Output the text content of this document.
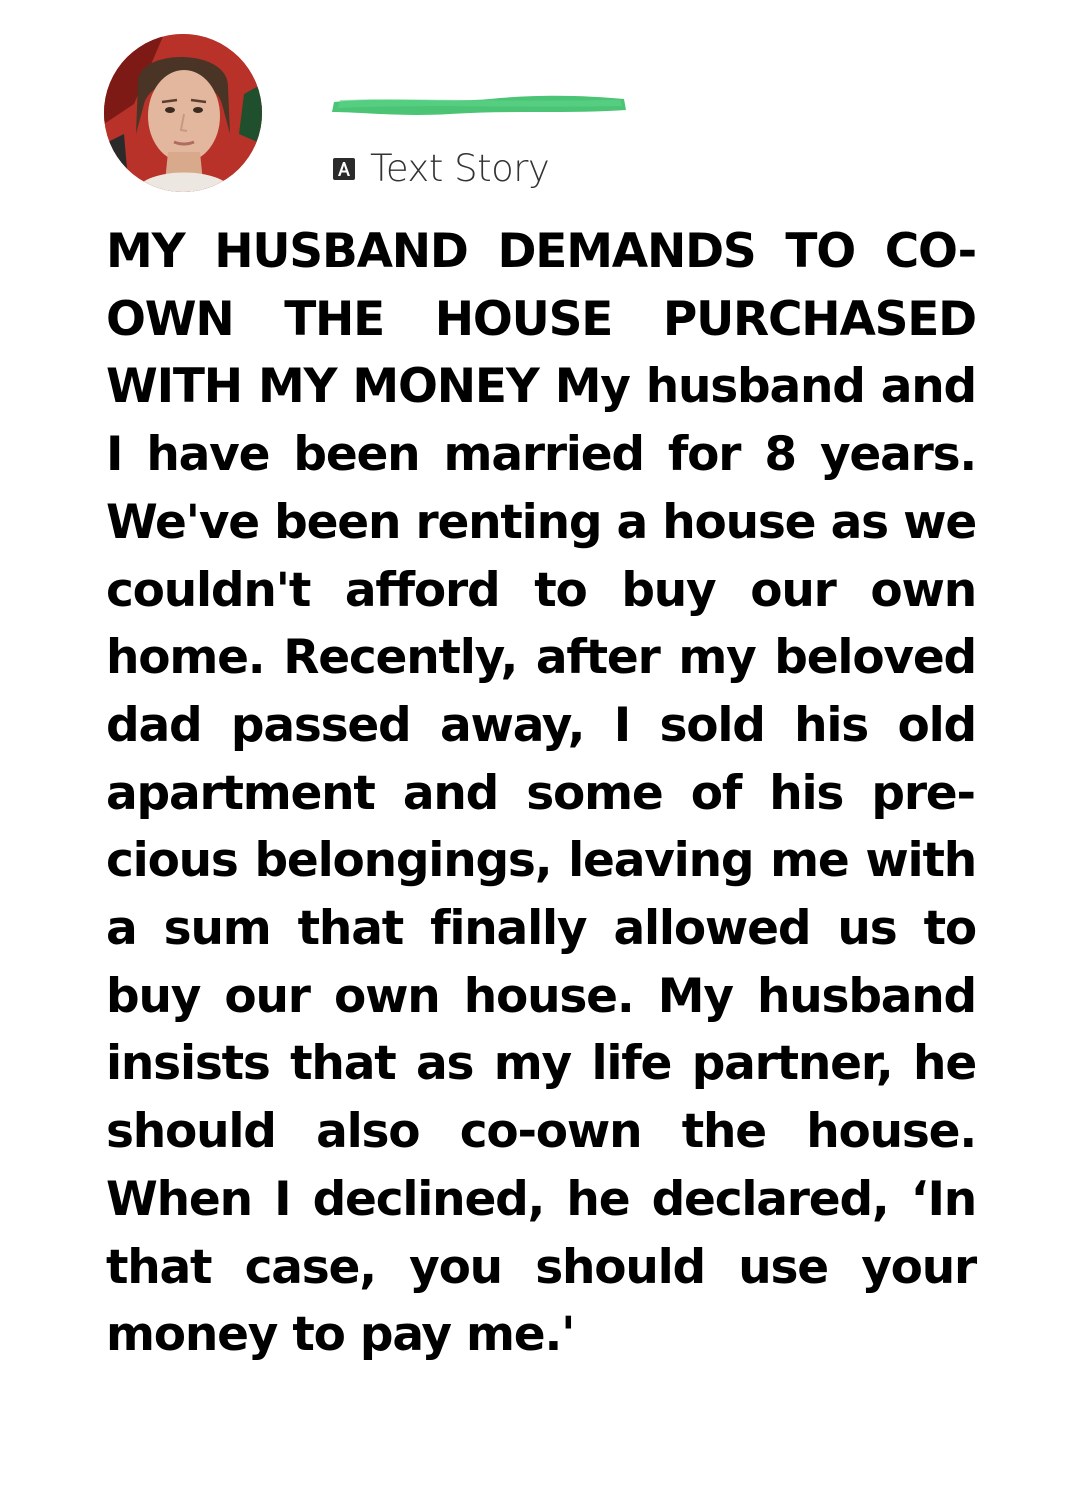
Text Story

MY HUSBAND DEMANDS TO CO-OWN THE HOUSE PURCHASED WITH MY MONEY My husband and I have been married for 8 years. We've been renting a house as we couldn't afford to buy our own home. Recently, after my beloved dad passed away, I sold his old apartment and some of his precious belongings, leaving me with a sum that finally allowed us to buy our own house. My husband insists that as my life partner, he should also co-own the house. When I declined, he declared, ‘In that case, you should use your money to pay me.'
